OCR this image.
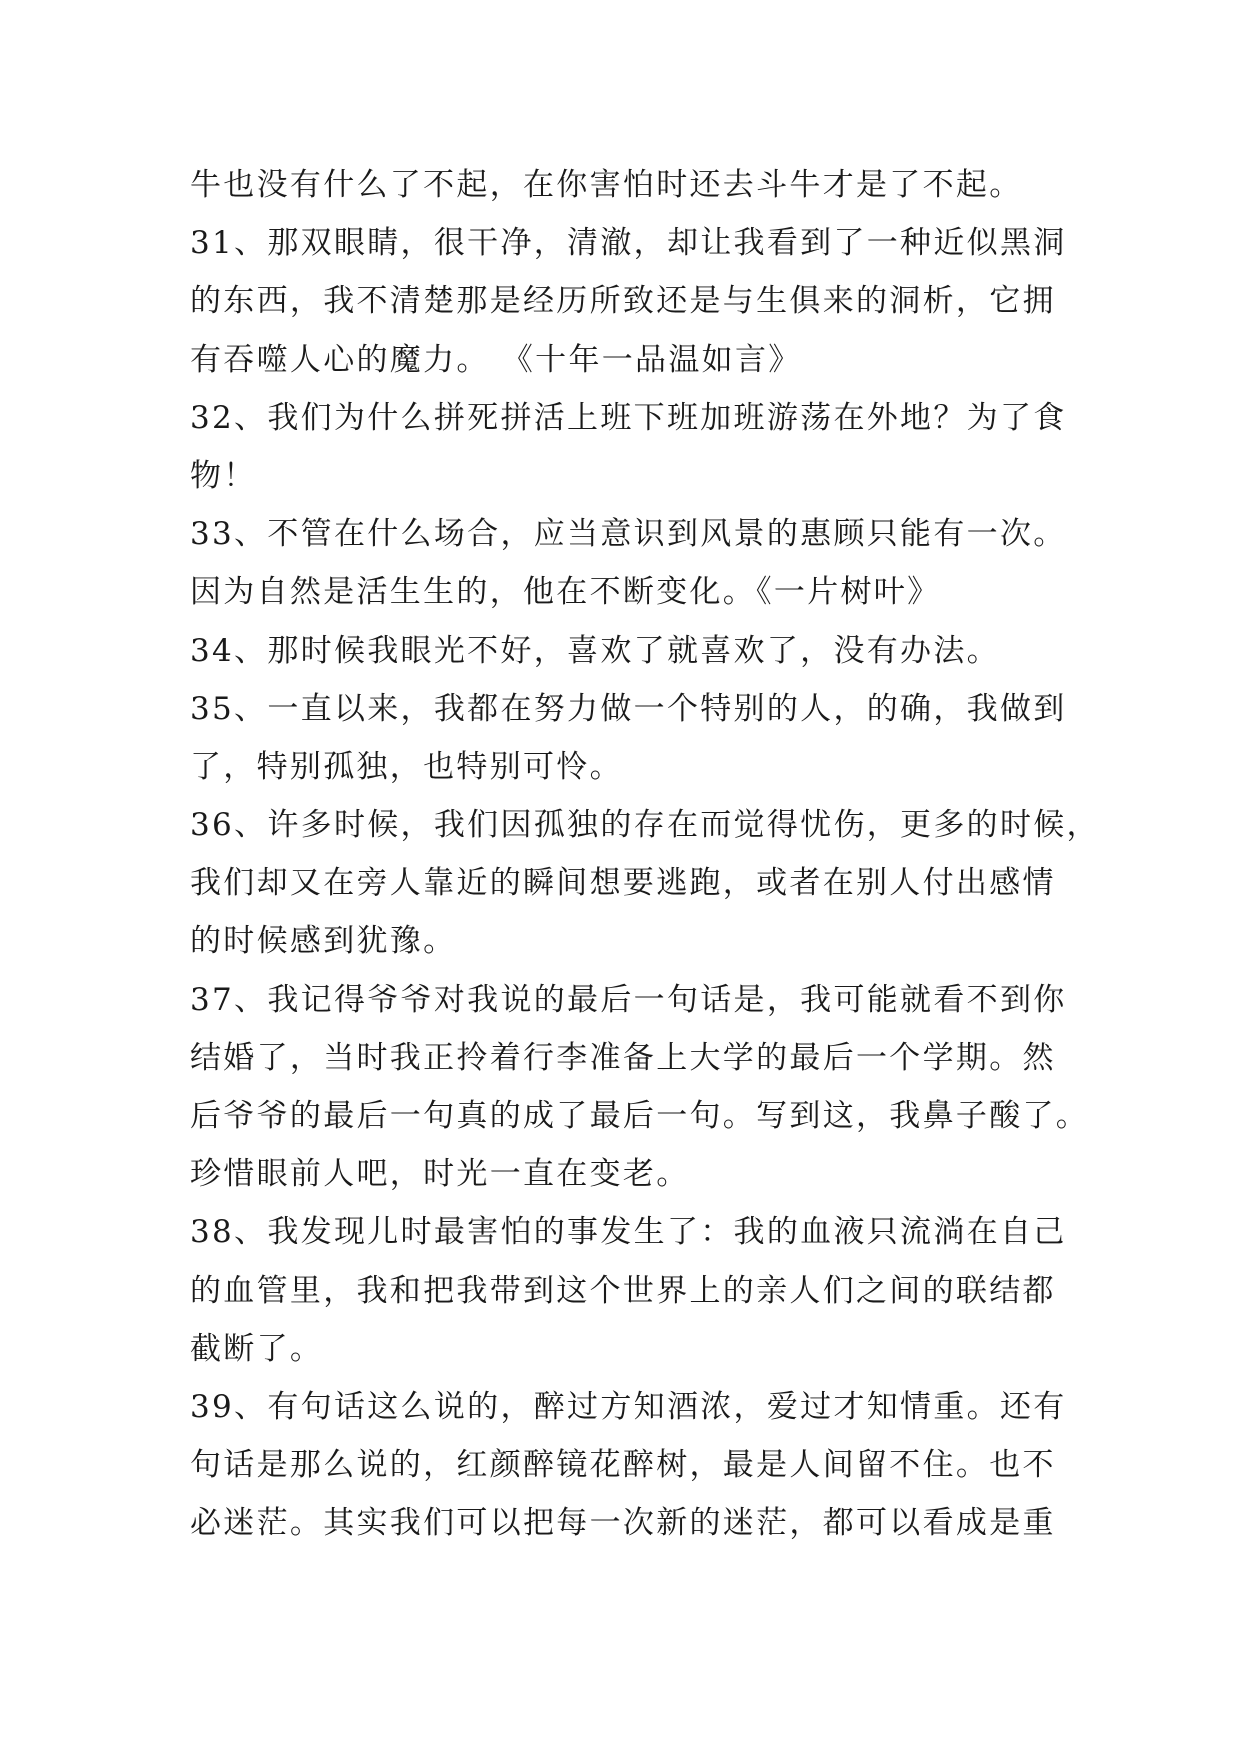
牛也没有什么了不起，在你害怕时还去斗牛才是了不起。
31、那双眼睛，很干净，清澈，却让我看到了一种近似黑洞
的东西，我不清楚那是经历所致还是与生俱来的洞析，它拥
有吞噬人心的魔力。 《十年一品温如言》
32、我们为什么拼死拼活上班下班加班游荡在外地？为了食
物！
33、不管在什么场合，应当意识到风景的惠顾只能有一次。
因为自然是活生生的，他在不断变化。《一片树叶》
34、那时候我眼光不好，喜欢了就喜欢了，没有办法。
35、一直以来，我都在努力做一个特别的人，的确，我做到
了，特别孤独，也特别可怜。
36、许多时候，我们因孤独的存在而觉得忧伤，更多的时候，
我们却又在旁人靠近的瞬间想要逃跑，或者在别人付出感情
的时候感到犹豫。
37、我记得爷爷对我说的最后一句话是，我可能就看不到你
结婚了，当时我正拎着行李准备上大学的最后一个学期。然
后爷爷的最后一句真的成了最后一句。写到这，我鼻子酸了。
珍惜眼前人吧，时光一直在变老。
38、我发现儿时最害怕的事发生了：我的血液只流淌在自己
的血管里，我和把我带到这个世界上的亲人们之间的联结都
截断了。
39、有句话这么说的，醉过方知酒浓，爱过才知情重。还有
句话是那么说的，红颜醉镜花醉树，最是人间留不住。也不
必迷茫。其实我们可以把每一次新的迷茫，都可以看成是重
